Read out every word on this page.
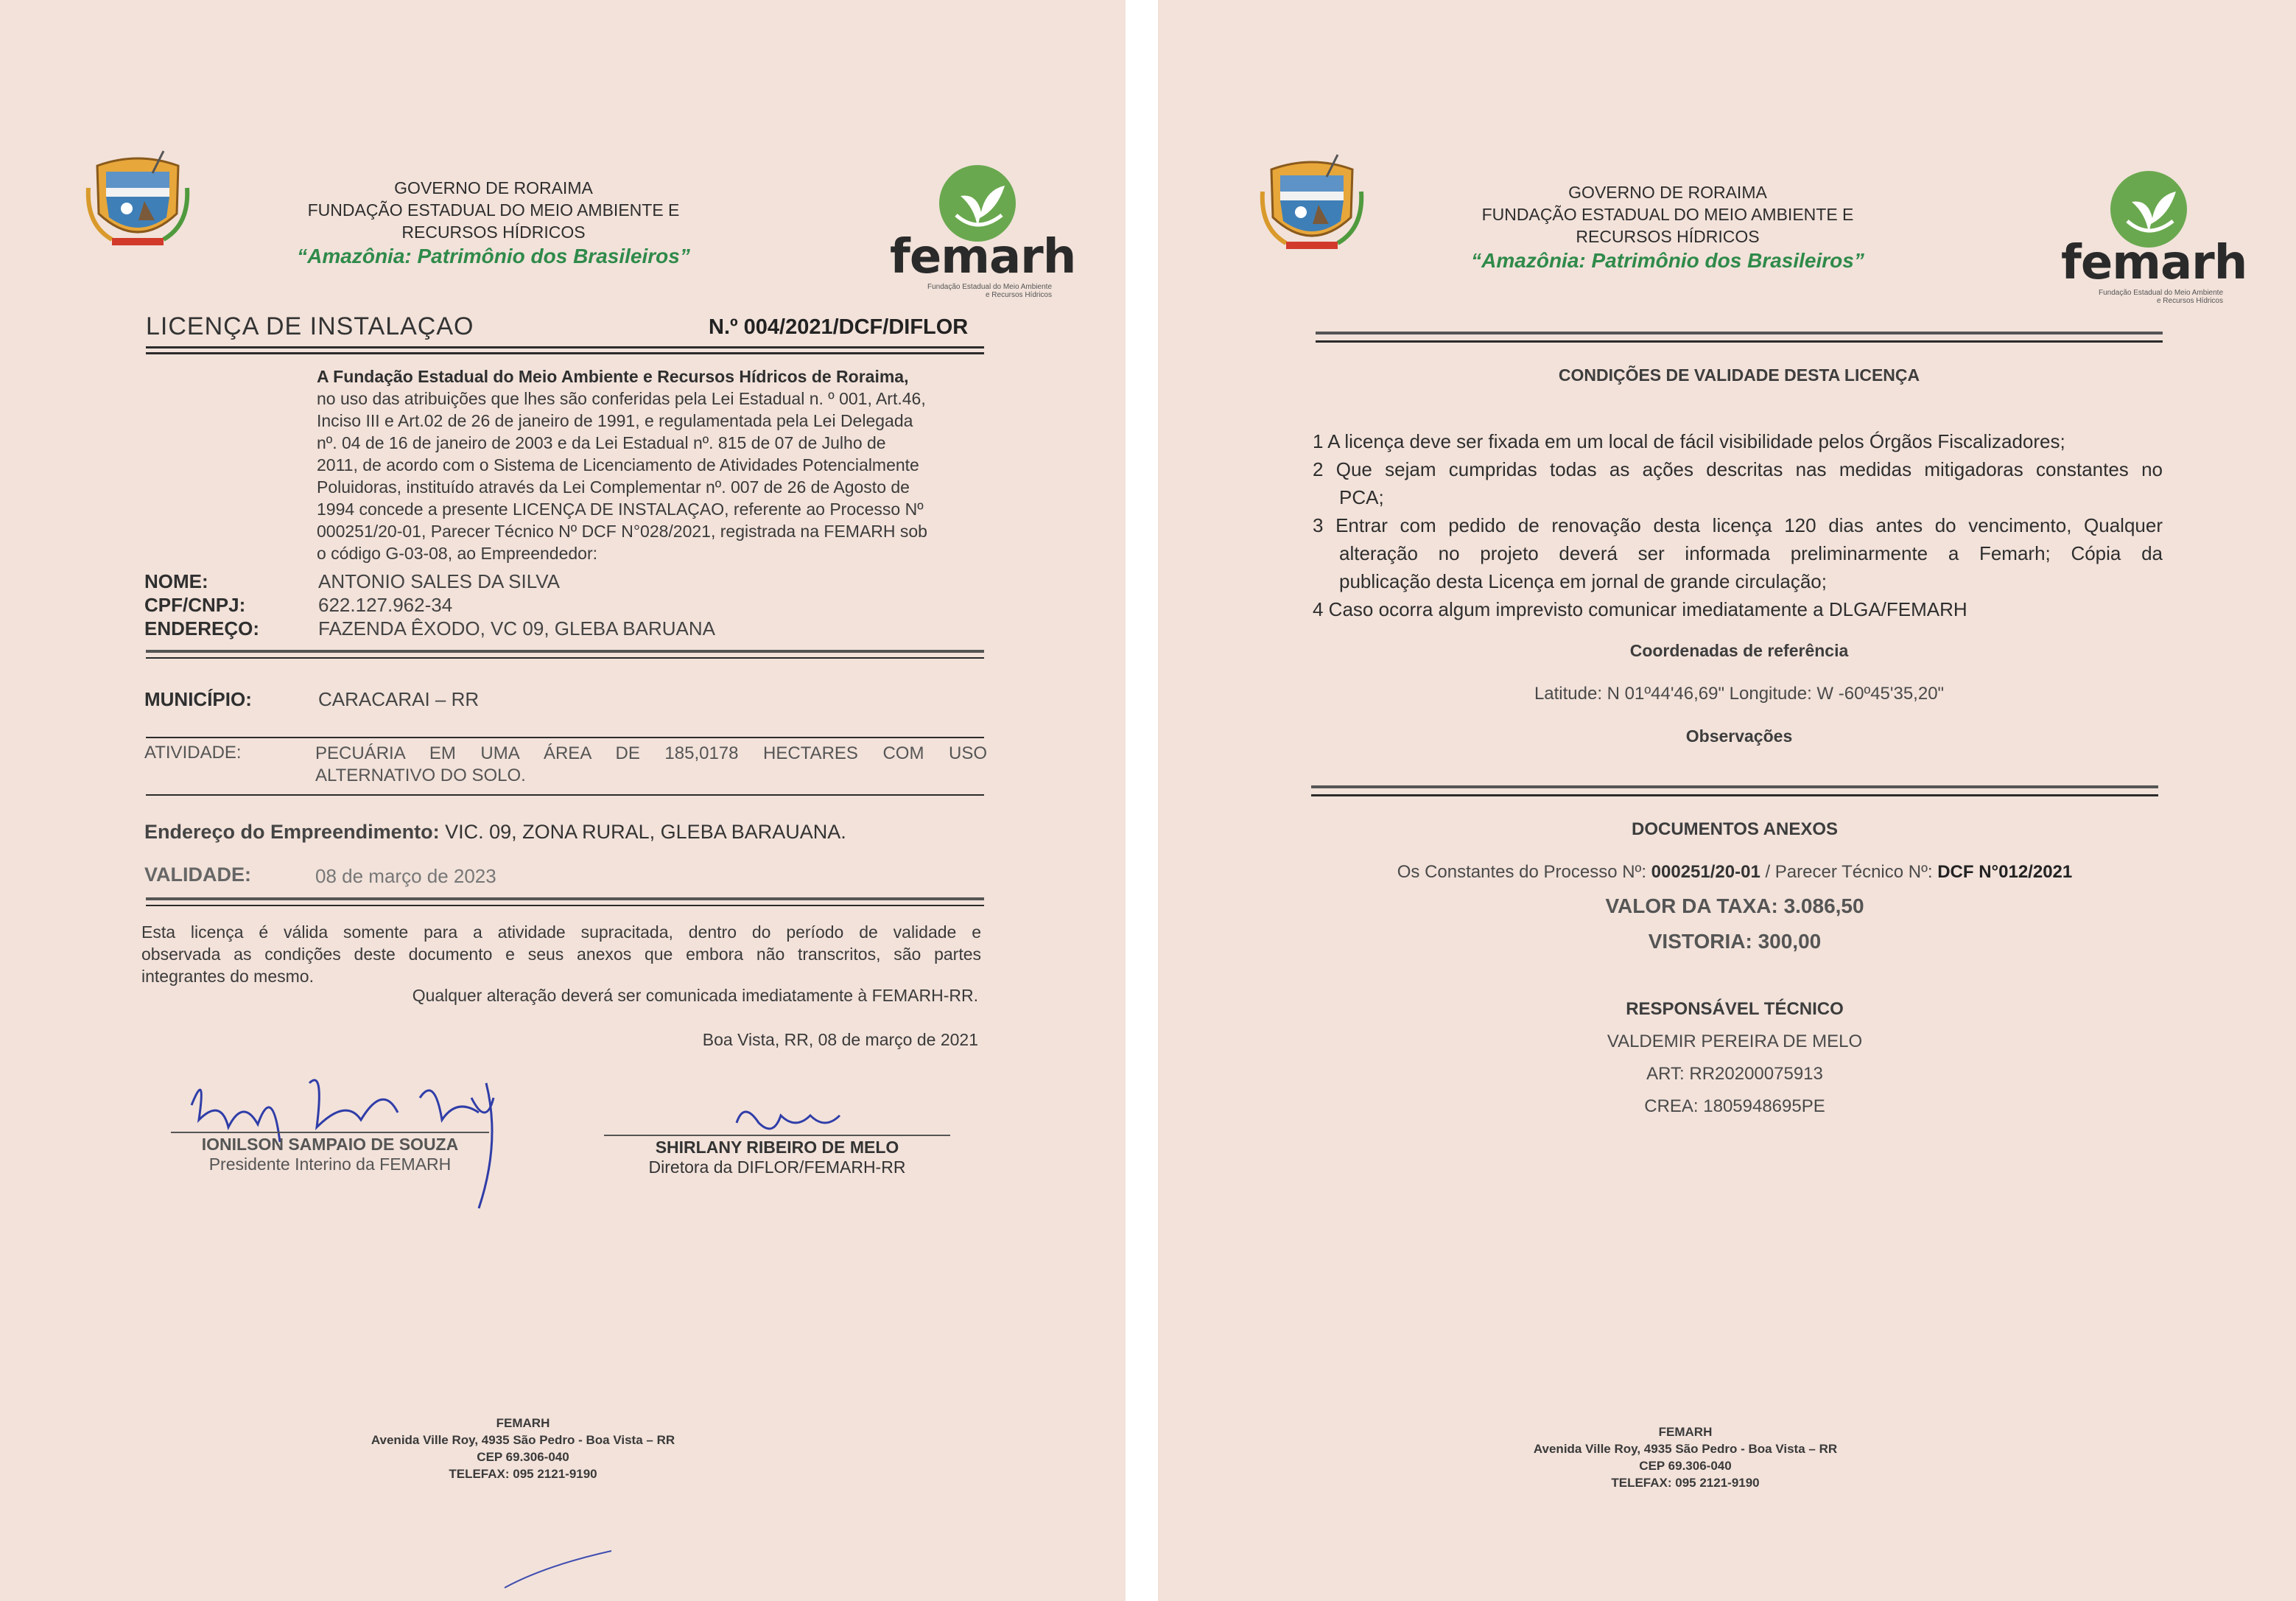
GOVERNO DE RORAIMA
FUNDAÇÃO ESTADUAL DO MEIO AMBIENTE E
RECURSOS HÍDRICOS
“Amazônia: Patrimônio dos Brasileiros”	femarh
Fundação Estadual do Meio Ambiente
e Recursos Hídricos
LICENÇA DE INSTALAÇAO	N.º 004/2021/DCF/DIFLOR
A Fundação Estadual do Meio Ambiente e Recursos Hídricos de Roraima,
no uso das atribuições que lhes são conferidas pela Lei Estadual n. º 001, Art.46,
Inciso III e Art.02 de 26 de janeiro de 1991, e regulamentada pela Lei Delegada
nº. 04 de 16 de janeiro de 2003 e da Lei Estadual nº. 815 de 07 de Julho de
2011, de acordo com o Sistema de Licenciamento de Atividades Potencialmente
Poluidoras, instituído através da Lei Complementar nº. 007 de 26 de Agosto de
1994 concede a presente LICENÇA DE INSTALAÇAO, referente ao Processo Nº
000251/20-01, Parecer Técnico Nº DCF N°028/2021, registrada na FEMARH sob
o código G-03-08, ao Empreendedor:
NOME:	ANTONIO SALES DA SILVA
CPF/CNPJ:	622.127.962-34
ENDEREÇO:	FAZENDA ÊXODO, VC 09, GLEBA BARUANA
MUNICÍPIO:	CARACARAI – RR
ATIVIDADE:	PECUÁRIA EM UMA ÁREA DE 185,0178 HECTARES COM USO
ALTERNATIVO DO SOLO.
Endereço do Empreendimento: VIC. 09, ZONA RURAL, GLEBA BARAUANA.
VALIDADE:	08 de março de 2023
Esta licença é válida somente para a atividade supracitada, dentro do período de validade e
observada as condições deste documento e seus anexos que embora não transcritos, são partes
integrantes do mesmo.
Qualquer alteração deverá ser comunicada imediatamente à FEMARH-RR.
Boa Vista, RR, 08 de março de 2021
IONILSON SAMPAIO DE SOUZA
Presidente Interino da FEMARH
SHIRLANY RIBEIRO DE MELO
Diretora da DIFLOR/FEMARH-RR
FEMARH
Avenida Ville Roy, 4935 São Pedro - Boa Vista – RR
CEP 69.306-040
TELEFAX: 095 2121-9190
GOVERNO DE RORAIMA
FUNDAÇÃO ESTADUAL DO MEIO AMBIENTE E
RECURSOS HÍDRICOS
“Amazônia: Patrimônio dos Brasileiros”	femarh
Fundação Estadual do Meio Ambiente
e Recursos Hídricos
CONDIÇÕES DE VALIDADE DESTA LICENÇA
1 A licença deve ser fixada em um local de fácil visibilidade pelos Órgãos Fiscalizadores;
2 Que sejam cumpridas todas as ações descritas nas medidas mitigadoras constantes no
PCA;
3 Entrar com pedido de renovação desta licença 120 dias antes do vencimento, Qualquer
alteração no projeto deverá ser informada preliminarmente a Femarh; Cópia da
publicação desta Licença em jornal de grande circulação;
4 Caso ocorra algum imprevisto comunicar imediatamente a DLGA/FEMARH
Coordenadas de referência
Latitude: N 01º44'46,69" Longitude: W -60º45'35,20"
Observações
DOCUMENTOS ANEXOS
Os Constantes do Processo Nº: 000251/20-01 / Parecer Técnico Nº: DCF N°012/2021
VALOR DA TAXA: 3.086,50
VISTORIA: 300,00
RESPONSÁVEL TÉCNICO
VALDEMIR PEREIRA DE MELO
ART: RR20200075913
CREA: 1805948695PE
FEMARH
Avenida Ville Roy, 4935 São Pedro - Boa Vista – RR
CEP 69.306-040
TELEFAX: 095 2121-9190
